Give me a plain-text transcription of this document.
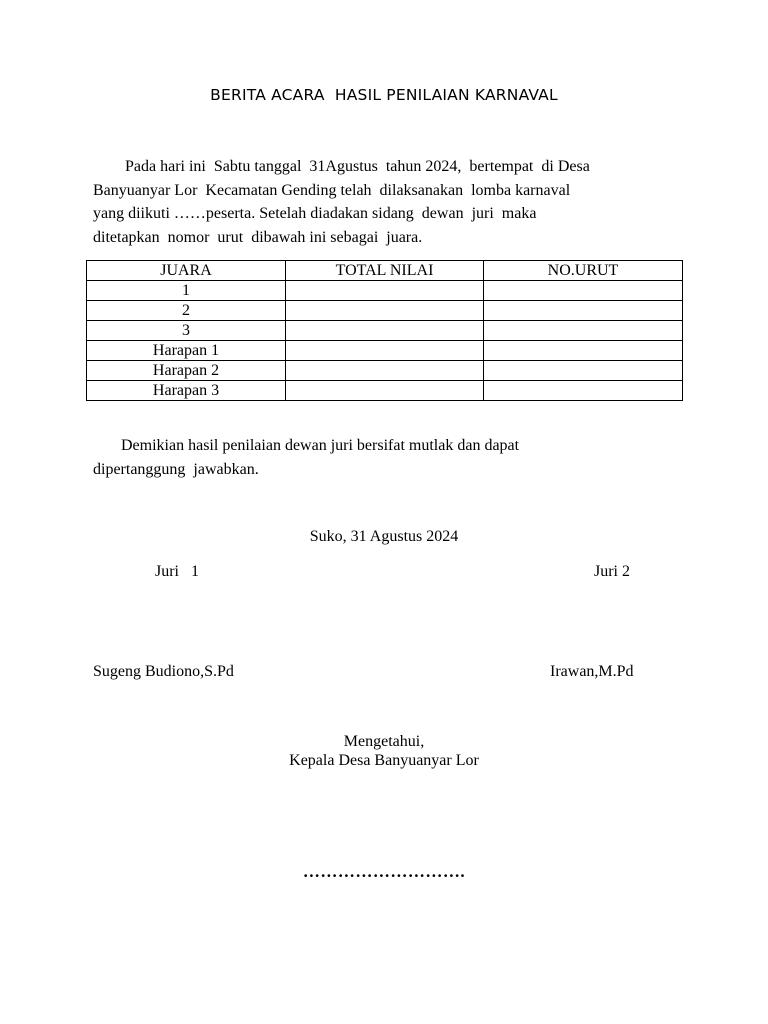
BERITA ACARA  HASIL PENILAIAN KARNAVAL
Pada hari ini  Sabtu tanggal  31Agustus  tahun 2024,  bertempat  di Desa
Banyuanyar Lor  Kecamatan Gending telah  dilaksanakan  lomba karnaval
yang diikuti ……peserta. Setelah diadakan sidang  dewan  juri  maka
ditetapkan  nomor  urut  dibawah ini sebagai  juara.
JUARA	TOTAL NILAI	NO.URUT
1		
2		
3		
Harapan 1		
Harapan 2		
Harapan 3		
Demikian hasil penilaian dewan juri bersifat mutlak dan dapat
dipertanggung  jawabkan.
Suko, 31 Agustus 2024
Juri   1	Juri 2
Sugeng Budiono,S.Pd	Irawan,M.Pd
Mengetahui,
Kepala Desa Banyuanyar Lor
……………………….
